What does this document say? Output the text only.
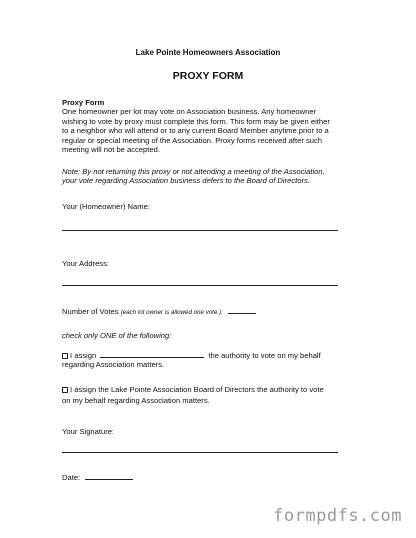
Lake Pointe Homeowners Association
PROXY FORM
Proxy Form
One homeowner per lot may vote on Association business. Any homeowner
wishing to vote by proxy must complete this form. This form may be given either
to a neighbor who will attend or to any current Board Member anytime prior to a
regular or special meeting of the Association. Proxy forms received after such
meeting will not be accepted.
Note: By not returning this proxy or not attending a meeting of the Association,
your vote regarding Association business defers to the Board of Directors.
Your (Homeowner) Name:
Your Address:
Number of Votes (each lot owner is allowed one vote.):
check only ONE of the following:
I assign	the authority to vote on my behalf
regarding Association matters.
I assign the Lake Pointe Association Board of Directors the authority to vote
on my behalf regarding Association matters.
Your Signature:
Date:
formpdfs.com
